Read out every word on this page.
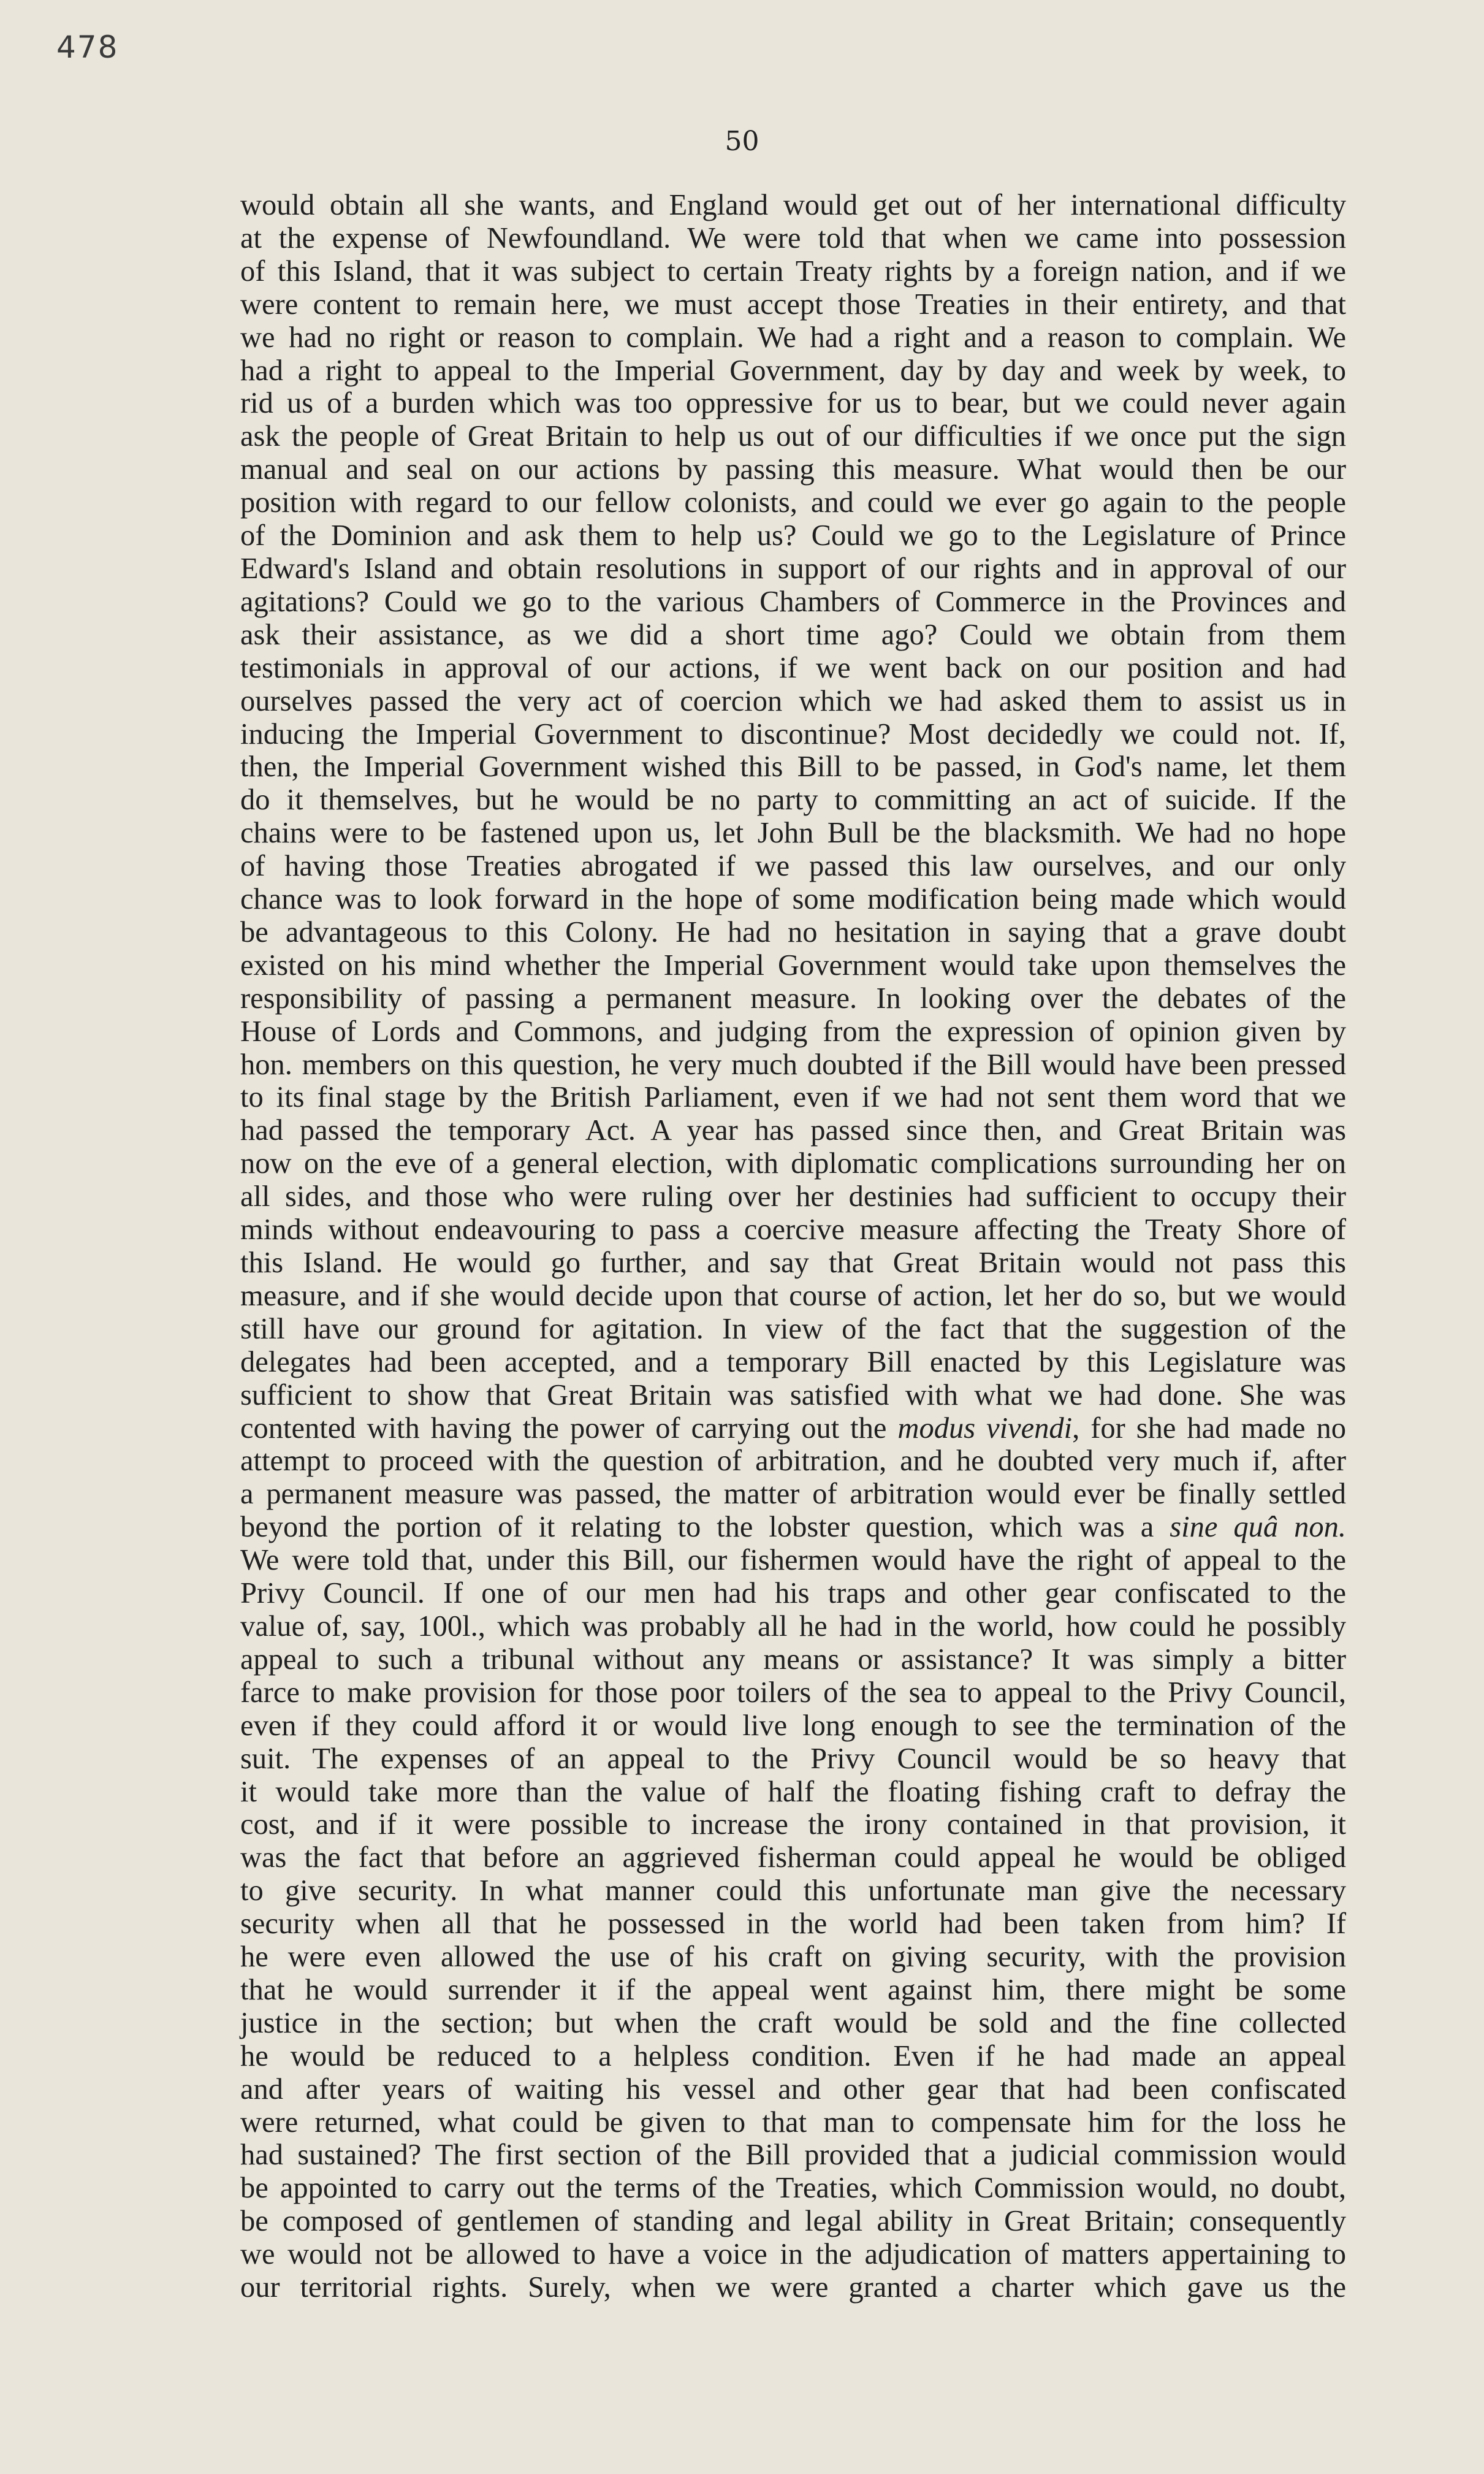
478
50
would obtain all she wants, and England would get out of her international difficulty
at the expense of Newfoundland. We were told that when we came into possession
of this Island, that it was subject to certain Treaty rights by a foreign nation, and if we
were content to remain here, we must accept those Treaties in their entirety, and that
we had no right or reason to complain. We had a right and a reason to complain. We
had a right to appeal to the Imperial Government, day by day and week by week, to
rid us of a burden which was too oppressive for us to bear, but we could never again
ask the people of Great Britain to help us out of our difficulties if we once put the sign
manual and seal on our actions by passing this measure. What would then be our
position with regard to our fellow colonists, and could we ever go again to the people
of the Dominion and ask them to help us? Could we go to the Legislature of Prince
Edward's Island and obtain resolutions in support of our rights and in approval of our
agitations? Could we go to the various Chambers of Commerce in the Provinces and
ask their assistance, as we did a short time ago? Could we obtain from them
testimonials in approval of our actions, if we went back on our position and had
ourselves passed the very act of coercion which we had asked them to assist us in
inducing the Imperial Government to discontinue? Most decidedly we could not. If,
then, the Imperial Government wished this Bill to be passed, in God's name, let them
do it themselves, but he would be no party to committing an act of suicide. If the
chains were to be fastened upon us, let John Bull be the blacksmith. We had no hope
of having those Treaties abrogated if we passed this law ourselves, and our only
chance was to look forward in the hope of some modification being made which would
be advantageous to this Colony. He had no hesitation in saying that a grave doubt
existed on his mind whether the Imperial Government would take upon themselves the
responsibility of passing a permanent measure. In looking over the debates of the
House of Lords and Commons, and judging from the expression of opinion given by
hon. members on this question, he very much doubted if the Bill would have been pressed
to its final stage by the British Parliament, even if we had not sent them word that we
had passed the temporary Act. A year has passed since then, and Great Britain was
now on the eve of a general election, with diplomatic complications surrounding her on
all sides, and those who were ruling over her destinies had sufficient to occupy their
minds without endeavouring to pass a coercive measure affecting the Treaty Shore of
this Island. He would go further, and say that Great Britain would not pass this
measure, and if she would decide upon that course of action, let her do so, but we would
still have our ground for agitation. In view of the fact that the suggestion of the
delegates had been accepted, and a temporary Bill enacted by this Legislature was
sufficient to show that Great Britain was satisfied with what we had done. She was
contented with having the power of carrying out the modus vivendi, for she had made no
attempt to proceed with the question of arbitration, and he doubted very much if, after
a permanent measure was passed, the matter of arbitration would ever be finally settled
beyond the portion of it relating to the lobster question, which was a sine quâ non.
We were told that, under this Bill, our fishermen would have the right of appeal to the
Privy Council. If one of our men had his traps and other gear confiscated to the
value of, say, 100l., which was probably all he had in the world, how could he possibly
appeal to such a tribunal without any means or assistance? It was simply a bitter
farce to make provision for those poor toilers of the sea to appeal to the Privy Council,
even if they could afford it or would live long enough to see the termination of the
suit. The expenses of an appeal to the Privy Council would be so heavy that
it would take more than the value of half the floating fishing craft to defray the
cost, and if it were possible to increase the irony contained in that provision, it
was the fact that before an aggrieved fisherman could appeal he would be obliged
to give security. In what manner could this unfortunate man give the necessary
security when all that he possessed in the world had been taken from him? If
he were even allowed the use of his craft on giving security, with the provision
that he would surrender it if the appeal went against him, there might be some
justice in the section; but when the craft would be sold and the fine collected
he would be reduced to a helpless condition. Even if he had made an appeal
and after years of waiting his vessel and other gear that had been confiscated
were returned, what could be given to that man to compensate him for the loss he
had sustained? The first section of the Bill provided that a judicial commission would
be appointed to carry out the terms of the Treaties, which Commission would, no doubt,
be composed of gentlemen of standing and legal ability in Great Britain; consequently
we would not be allowed to have a voice in the adjudication of matters appertaining to
our territorial rights. Surely, when we were granted a charter which gave us the
